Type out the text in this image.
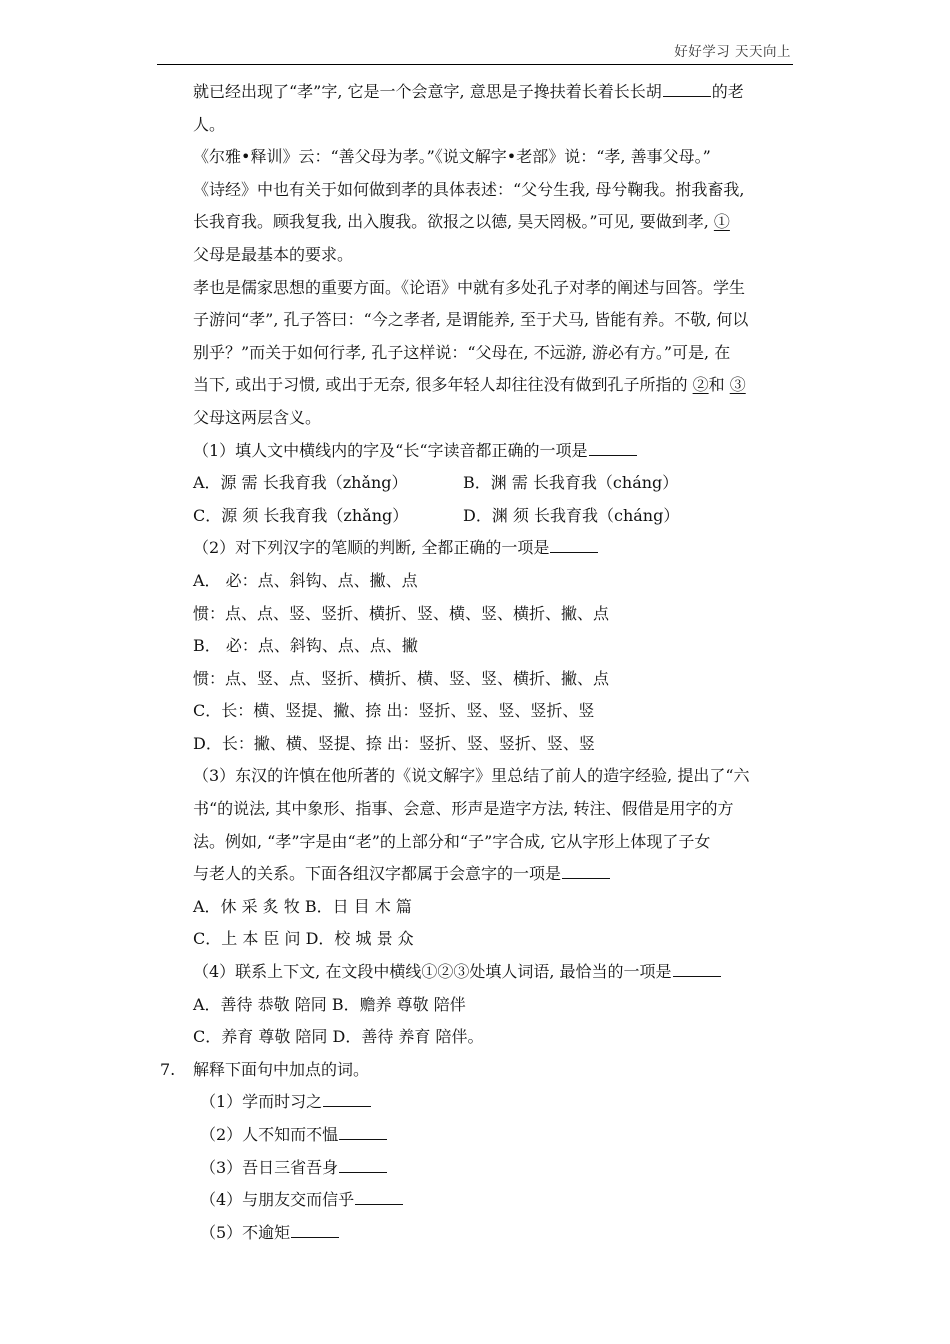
好好学习 天天向上
就已经出现了“孝”字, 它是一个会意字, 意思是子搀扶着长着长长胡	的老
人。
《尔雅•释训》云：“善父母为孝。”《说文解字•老部》说：“孝, 善事父母。”
《诗经》中也有关于如何做到孝的具体表述：“父兮生我, 母兮鞠我。拊我畜我,
长我育我。顾我复我, 出入腹我。欲报之以德, 昊天罔极。”可见, 要做到孝, ①
父母是最基本的要求。
孝也是儒家思想的重要方面。《论语》中就有多处孔子对孝的阐述与回答。学生
子游问“孝”, 孔子答曰：“今之孝者, 是谓能养, 至于犬马, 皆能有养。不敬, 何以
别乎？”而关于如何行孝, 孔子这样说：“父母在, 不远游, 游必有方。”可是, 在
当下, 或出于习惯, 或出于无奈, 很多年轻人却往往没有做到孔子所指的 ②和 ③
父母这两层含义。
（1）填人文中横线内的字及“长“字读音都正确的一项是
A．源 需 长我育我（zhǎng）	B．渊 需 长我育我（cháng）
C．源 须 长我育我（zhǎng）	D．渊 须 长我育我（cháng）
（2）对下列汉字的笔顺的判断, 全都正确的一项是
A． 必：点、斜钩、点、撇、点
惯：点、点、竖、竖折、横折、竖、横、竖、横折、撇、点
B． 必：点、斜钩、点、点、撇
惯：点、竖、点、竖折、横折、横、竖、竖、横折、撇、点
C．长：横、竖提、撇、捺 出：竖折、竖、竖、竖折、竖
D．长：撇、横、竖提、捺 出：竖折、竖、竖折、竖、竖
（3）东汉的许慎在他所著的《说文解字》里总结了前人的造字经验, 提出了“六
书“的说法, 其中象形、指事、会意、形声是造字方法, 转注、假借是用字的方
法。例如, “孝”字是由“老”的上部分和“子”字合成, 它从字形上体现了子女
与老人的关系。下面各组汉字都属于会意字的一项是
A．休 采 炙 牧 B．日 目 木 篇
C．上 本 臣 问 D．校 城 景 众
（4）联系上下文, 在文段中横线①②③处填人词语, 最恰当的一项是
A．善待 恭敬 陪同 B．赡养 尊敬 陪伴
C．养育 尊敬 陪同 D．善待 养育 陪伴。
7. 解释下面句中加点的词。
（1）学而时习之
（2）人不知而不愠
（3）吾日三省吾身
（4）与朋友交而信乎
（5）不逾矩
